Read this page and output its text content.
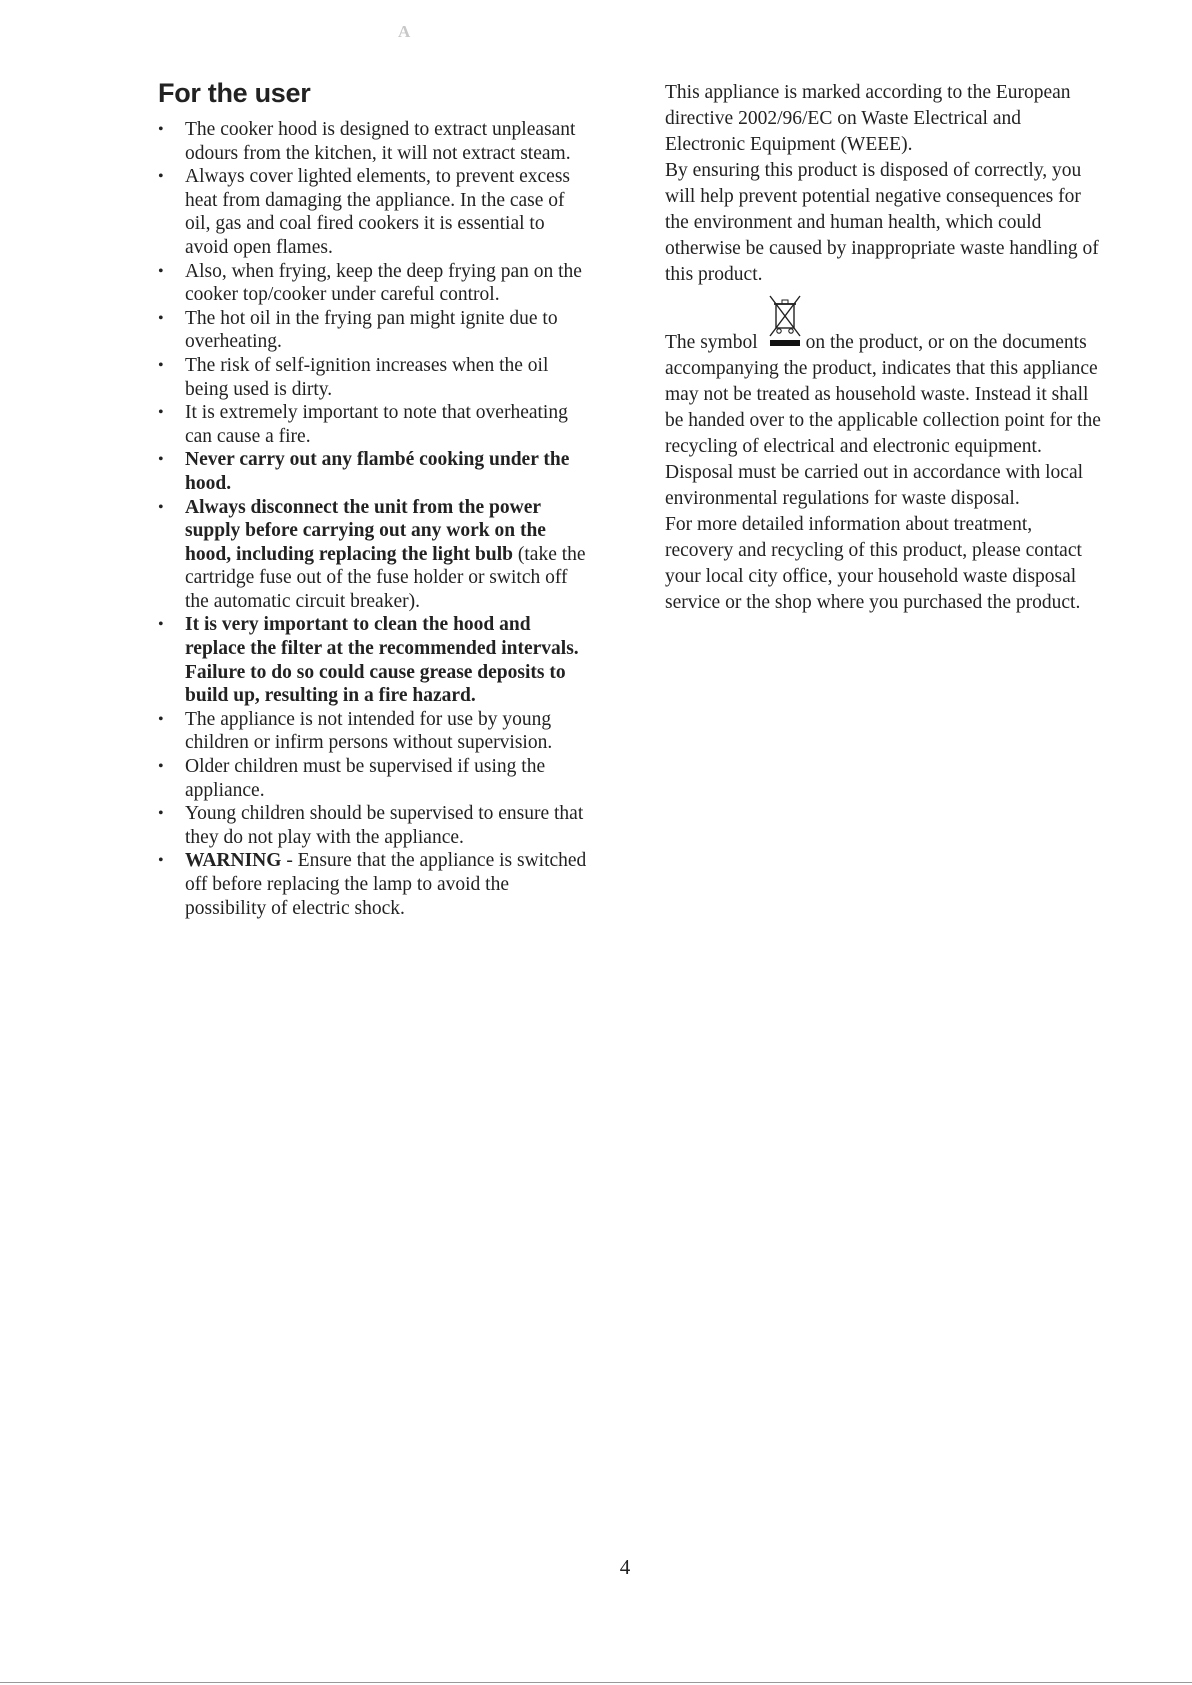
A
For the user
• The cooker hood is designed to extract unpleasant odours from the kitchen, it will not extract steam.
• Always cover lighted elements, to prevent excess heat from damaging the appliance. In the case of oil, gas and coal fired cookers it is essential to avoid open flames.
• Also, when frying, keep the deep frying pan on the cooker top/cooker under careful control.
• The hot oil in the frying pan might ignite due to overheating.
• The risk of self-ignition increases when the oil being used is dirty.
• It is extremely important to note that overheating can cause a fire.
• Never carry out any flambé cooking under the hood.
• Always disconnect the unit from the power supply before carrying out any work on the hood, including replacing the light bulb (take the cartridge fuse out of the fuse holder or switch off the automatic circuit breaker).
• It is very important to clean the hood and replace the filter at the recommended intervals. Failure to do so could cause grease deposits to build up, resulting in a fire hazard.
• The appliance is not intended for use by young children or infirm persons without supervision.
• Older children must be supervised if using the appliance.
• Young children should be supervised to ensure that they do not play with the appliance.
• WARNING - Ensure that the appliance is switched off before replacing the lamp to avoid the possibility of electric shock.

This appliance is marked according to the European directive 2002/96/EC on Waste Electrical and Electronic Equipment (WEEE).
By ensuring this product is disposed of correctly, you will help prevent potential negative consequences for the environment and human health, which could otherwise be caused by inappropriate waste handling of this product.

The symbol on the product, or on the documents accompanying the product, indicates that this appliance may not be treated as household waste. Instead it shall be handed over to the applicable collection point for the recycling of electrical and electronic equipment.

Disposal must be carried out in accordance with local environmental regulations for waste disposal.

For more detailed information about treatment, recovery and recycling of this product, please contact your local city office, your household waste disposal service or the shop where you purchased the product.

4
